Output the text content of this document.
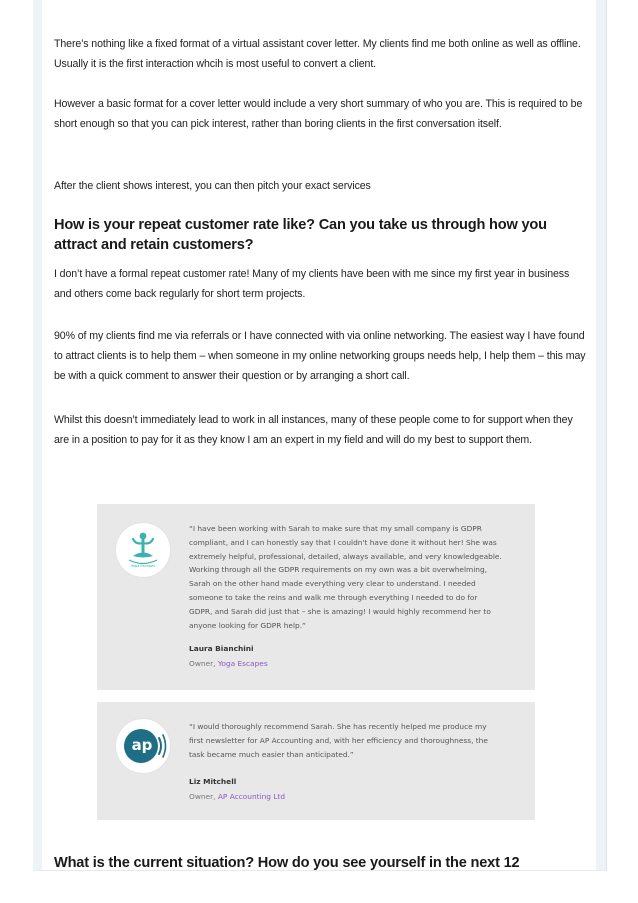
There’s nothing like a fixed format of a virtual assistant cover letter. My clients find me both online as well as offline. Usually it is the first interaction whcih is most useful to convert a client.

However a basic format for a cover letter would include a very short summary of who you are. This is required to be short enough so that you can pick interest, rather than boring clients in the first conversation itself.

After the client shows interest, you can then pitch your exact services

How is your repeat customer rate like? Can you take us through how you attract and retain customers?

I don’t have a formal repeat customer rate! Many of my clients have been with me since my first year in business and others come back regularly for short term projects.

90% of my clients find me via referrals or I have connected with via online networking. The easiest way I have found to attract clients is to help them – when someone in my online networking groups needs help, I help them – this may be with a quick comment to answer their question or by arranging a short call.

Whilst this doesn’t immediately lead to work in all instances, many of these people come to for support when they are in a position to pay for it as they know I am an expert in my field and will do my best to support them.

Yoga Escapes
“I have been working with Sarah to make sure that my small company is GDPR
compliant, and I can honestly say that I couldn't have done it without her! She was
extremely helpful, professional, detailed, always available, and very knowledgeable.
Working through all the GDPR requirements on my own was a bit overwhelming,
Sarah on the other hand made everything very clear to understand. I needed
someone to take the reins and walk me through everything I needed to do for
GDPR, and Sarah did just that – she is amazing! I would highly recommend her to
anyone looking for GDPR help.”

Laura Bianchini

Owner, Yoga Escapes

ap
“I would thoroughly recommend Sarah. She has recently helped me produce my
first newsletter for AP Accounting and, with her efficiency and thoroughness, the
task became much easier than anticipated.”

Liz Mitchell

Owner, AP Accounting Ltd

What is the current situation? How do you see yourself in the next 12
